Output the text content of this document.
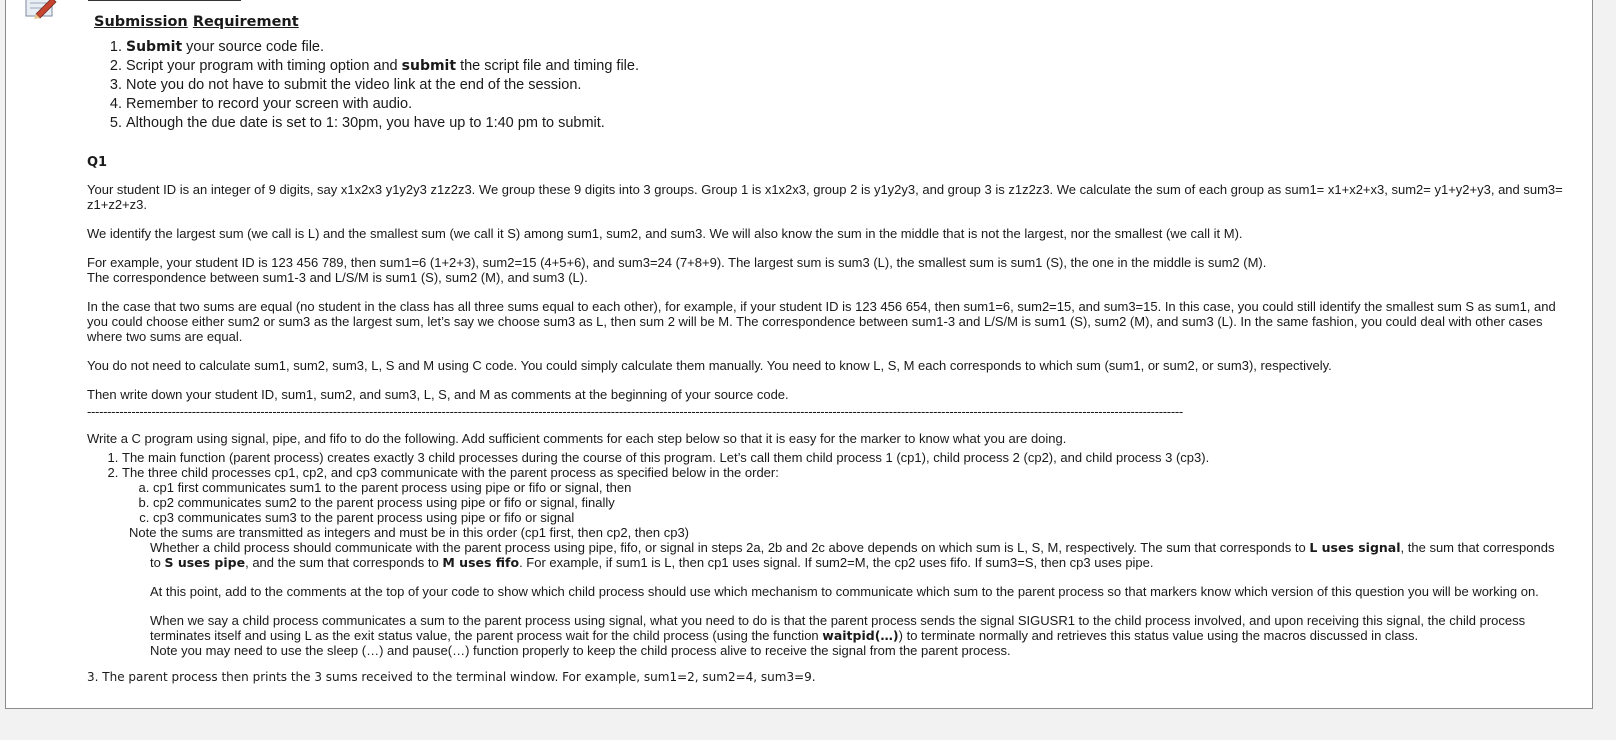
Submission Requirement
1. Submit your source code file.
2. Script your program with timing option and submit the script file and timing file.
3. Note you do not have to submit the video link at the end of the session.
4. Remember to record your screen with audio.
5. Although the due date is set to 1: 30pm, you have up to 1:40 pm to submit.
Q1

Your student ID is an integer of 9 digits, say x1x2x3 y1y2y3 z1z2z3. We group these 9 digits into 3 groups. Group 1 is x1x2x3, group 2 is y1y2y3, and group 3 is z1z2z3. We calculate the sum of each group as sum1= x1+x2+x3, sum2= y1+y2+y3, and sum3= z1+z2+z3.

We identify the largest sum (we call is L) and the smallest sum (we call it S) among sum1, sum2, and sum3. We will also know the sum in the middle that is not the largest, nor the smallest (we call it M).

For example, your student ID is 123 456 789, then sum1=6 (1+2+3), sum2=15 (4+5+6), and sum3=24 (7+8+9). The largest sum is sum3 (L), the smallest sum is sum1 (S), the one in the middle is sum2 (M).

The correspondence between sum1-3 and L/S/M is sum1 (S), sum2 (M), and sum3 (L).

In the case that two sums are equal (no student in the class has all three sums equal to each other), for example, if your student ID is 123 456 654, then sum1=6, sum2=15, and sum3=15. In this case, you could still identify the smallest sum S as sum1, and you could choose either sum2 or sum3 as the largest sum, let’s say we choose sum3 as L, then sum 2 will be M. The correspondence between sum1-3 and L/S/M is sum1 (S), sum2 (M), and sum3 (L). In the same fashion, you could deal with other cases where two sums are equal.

You do not need to calculate sum1, sum2, sum3, L, S and M using C code. You could simply calculate them manually. You need to know L, S, M each corresponds to which sum (sum1, or sum2, or sum3), respectively.

Then write down your student ID, sum1, sum2, and sum3, L, S, and M as comments at the beginning of your source code.

--------------------------------------------------------------------------------------------------------------------------------------------------------------------------------------------------------------------------------------------------------------------------------

Write a C program using signal, pipe, and fifo to do the following. Add sufficient comments for each step below so that it is easy for the marker to know what you are doing.

1. The main function (parent process) creates exactly 3 child processes during the course of this program. Let’s call them child process 1 (cp1), child process 2 (cp2), and child process 3 (cp3).
2. The three child processes cp1, cp2, and cp3 communicate with the parent process as specified below in the order:
a. cp1 first communicates sum1 to the parent process using pipe or fifo or signal, then
b. cp2 communicates sum2 to the parent process using pipe or fifo or signal, finally
c. cp3 communicates sum3 to the parent process using pipe or fifo or signal

Note the sums are transmitted as integers and must be in this order (cp1 first, then cp2, then cp3)

Whether a child process should communicate with the parent process using pipe, fifo, or signal in steps 2a, 2b and 2c above depends on which sum is L, S, M, respectively. The sum that corresponds to L uses signal, the sum that corresponds to S uses pipe, and the sum that corresponds to M uses fifo. For example, if sum1 is L, then cp1 uses signal. If sum2=M, the cp2 uses fifo. If sum3=S, then cp3 uses pipe.

At this point, add to the comments at the top of your code to show which child process should use which mechanism to communicate which sum to the parent process so that markers know which version of this question you will be working on.

When we say a child process communicates a sum to the parent process using signal, what you need to do is that the parent process sends the signal SIGUSR1 to the child process involved, and upon receiving this signal, the child process terminates itself and using L as the exit status value, the parent process wait for the child process (using the function waitpid(…)) to terminate normally and retrieves this status value using the macros discussed in class.

Note you may need to use the sleep (…) and pause(…) function properly to keep the child process alive to receive the signal from the parent process.

3. The parent process then prints the 3 sums received to the terminal window. For example, sum1=2, sum2=4, sum3=9.
